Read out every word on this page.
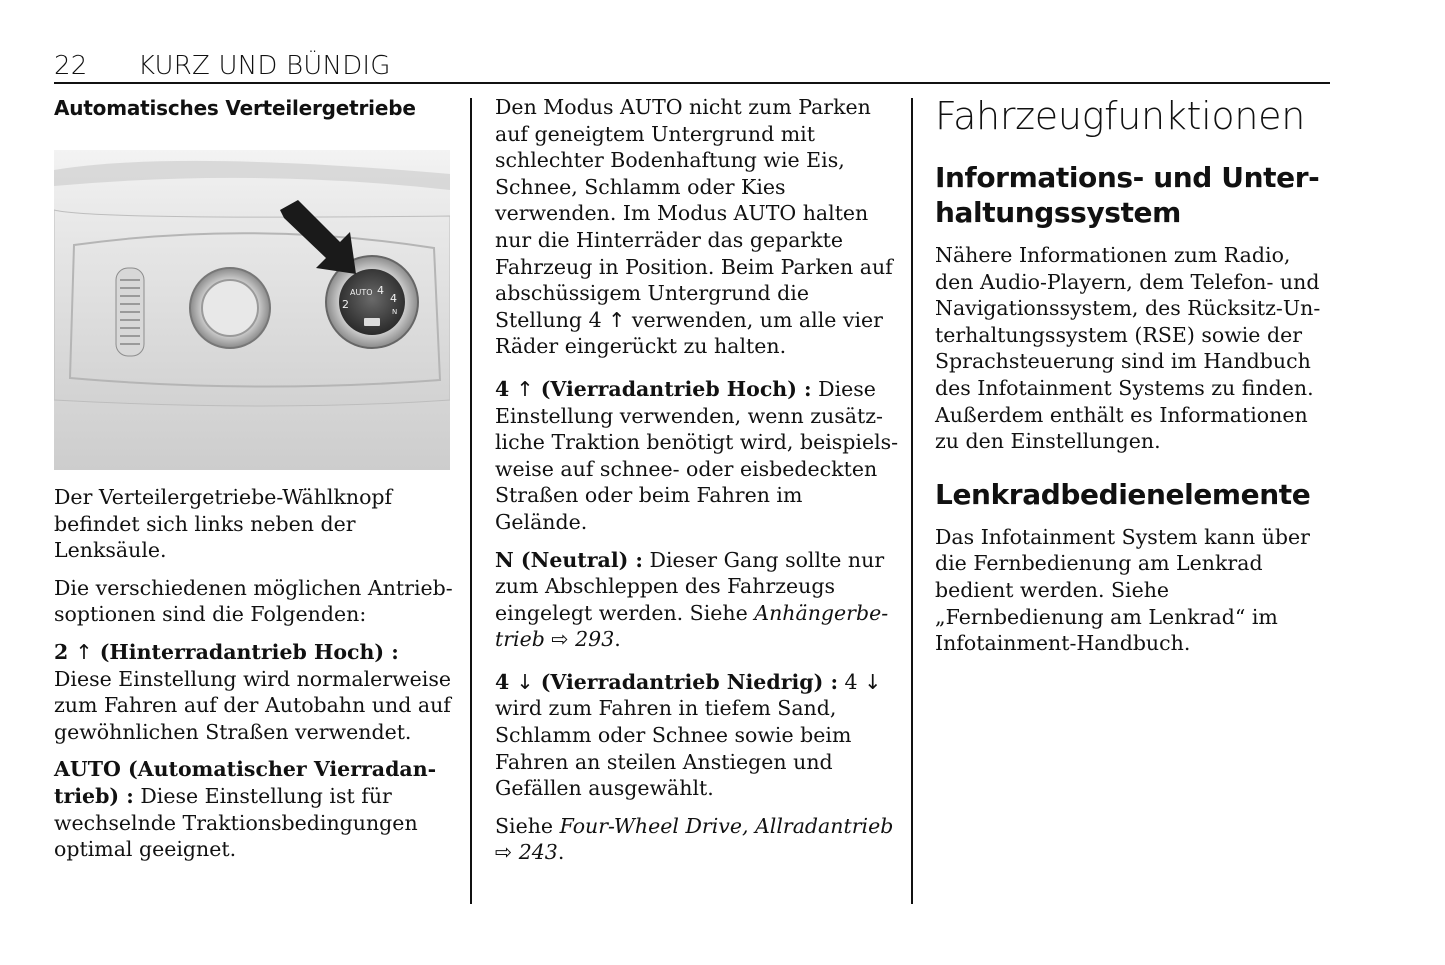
22 KURZ UND BÜNDIG
Automatisches Verteilergetriebe
AUTO
2
4
4
N

Der Verteilergetriebe-Wählknopf befindet sich links neben der Lenksäule.

Die verschiedenen möglichen Antriebsoptionen sind die Folgenden:

2 ↑ (Hinterradantrieb Hoch) : Diese Einstellung wird normalerweise zum Fahren auf der Autobahn und auf gewöhnlichen Straßen verwendet.

AUTO (Automatischer Vierradantrieb) : Diese Einstellung ist für wechselnde Traktionsbedingungen optimal geeignet.

Den Modus AUTO nicht zum Parken auf geneigtem Untergrund mit schlechter Bodenhaftung wie Eis, Schnee, Schlamm oder Kies verwenden. Im Modus AUTO halten nur die Hinterräder das geparkte Fahrzeug in Position. Beim Parken auf abschüssigem Untergrund die Stellung 4 ↑ verwenden, um alle vier Räder eingerückt zu halten.

4 ↑ (Vierradantrieb Hoch) : Diese Einstellung verwenden, wenn zusätzliche Traktion benötigt wird, beispielsweise auf schnee- oder eisbedeckten Straßen oder beim Fahren im Gelände.

N (Neutral) : Dieser Gang sollte nur zum Abschleppen des Fahrzeugs eingelegt werden. Siehe Anhängerbetrieb ⇨ 293.

4 ↓ (Vierradantrieb Niedrig) : 4 ↓ wird zum Fahren in tiefem Sand, Schlamm oder Schnee sowie beim Fahren an steilen Anstiegen und Gefällen ausgewählt.

Siehe Four-Wheel Drive, Allradantrieb ⇨ 243.

Fahrzeugfunktionen
Informations- und Unterhaltungssystem

Nähere Informationen zum Radio, den Audio-Playern, dem Telefon- und Navigationssystem, des Rücksitz-Unterhaltungssystem (RSE) sowie der Sprachsteuerung sind im Handbuch des Infotainment Systems zu finden. Außerdem enthält es Informationen zu den Einstellungen.

Lenkradbedienelemente

Das Infotainment System kann über die Fernbedienung am Lenkrad bedient werden. Siehe „Fernbedienung am Lenkrad“ im Infotainment-Handbuch.
